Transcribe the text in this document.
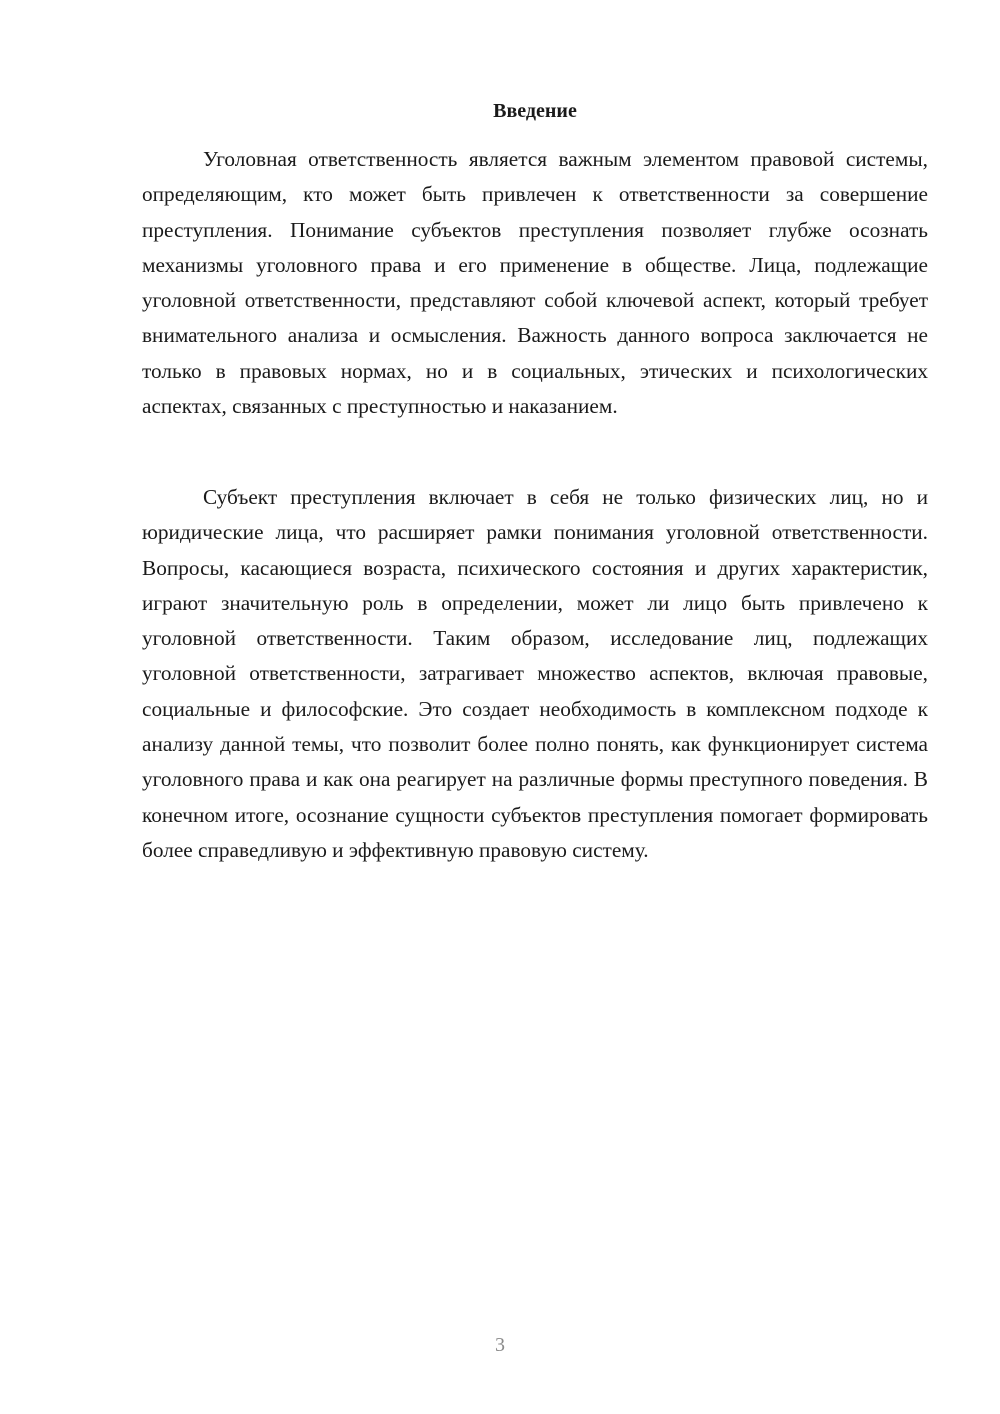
Введение

Уголовная ответственность является важным элементом правовой системы, определяющим, кто может быть привлечен к ответственности за совершение преступления. Понимание субъектов преступления позволяет глубже осознать механизмы уголовного права и его применение в обществе. Лица, подлежащие уголовной ответственности, представляют собой ключевой аспект, который требует внимательного анализа и осмысления. Важность данного вопроса заключается не только в правовых нормах, но и в социальных, этических и психологических аспектах, связанных с преступностью и наказанием.

Субъект преступления включает в себя не только физических лиц, но и юридические лица, что расширяет рамки понимания уголовной ответственности. Вопросы, касающиеся возраста, психического состояния и других характеристик, играют значительную роль в определении, может ли лицо быть привлечено к уголовной ответственности. Таким образом, исследование лиц, подлежащих уголовной ответственности, затрагивает множество аспектов, включая правовые, социальные и философские. Это создает необходимость в комплексном подходе к анализу данной темы, что позволит более полно понять, как функционирует система уголовного права и как она реагирует на различные формы преступного поведения. В конечном итоге, осознание сущности субъектов преступления помогает формировать более справедливую и эффективную правовую систему.

3
